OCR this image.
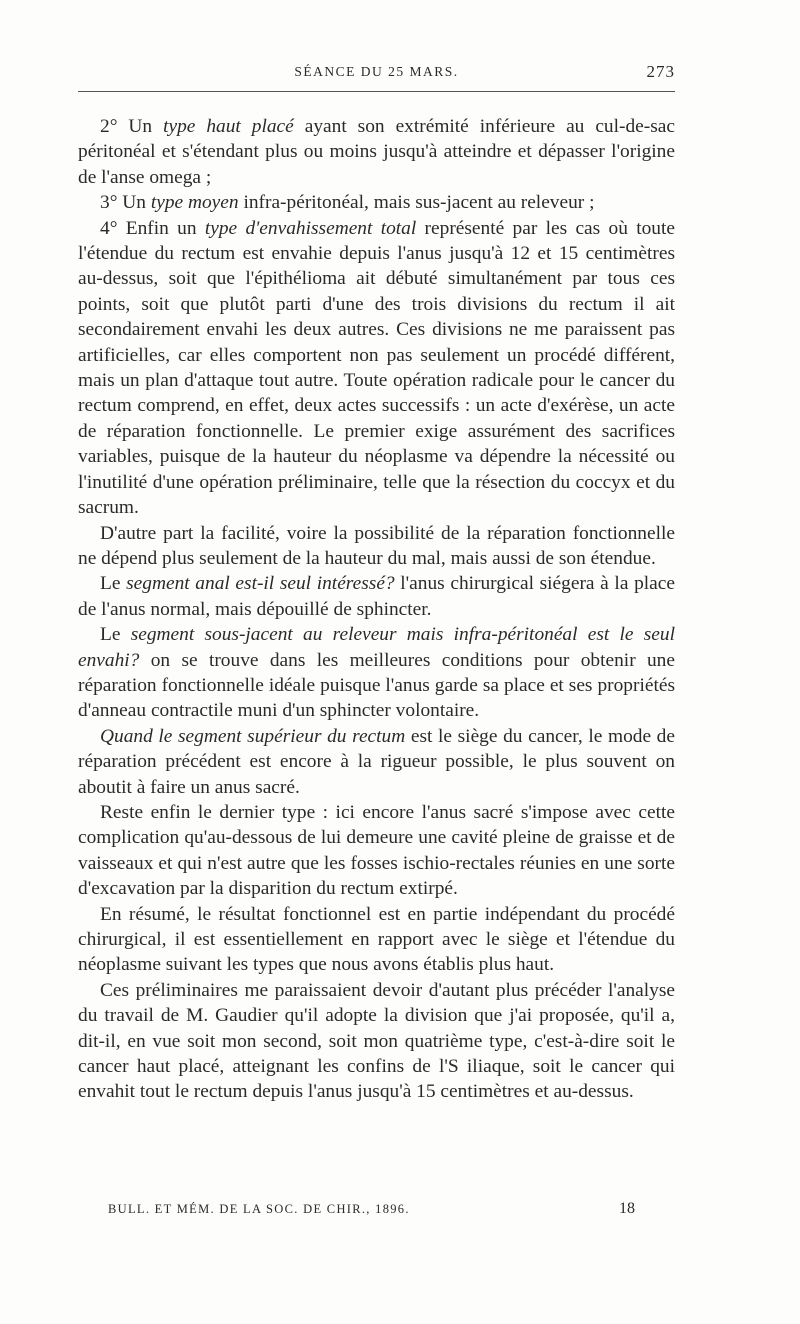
SÉANCE DU 25 MARS.	273

2° Un type haut placé ayant son extrémité inférieure au cul-de-sac péritonéal et s'étendant plus ou moins jusqu'à atteindre et dépasser l'origine de l'anse omega ;

3° Un type moyen infra-péritonéal, mais sus-jacent au releveur ;

4° Enfin un type d'envahissement total représenté par les cas où toute l'étendue du rectum est envahie depuis l'anus jusqu'à 12 et 15 centimètres au-dessus, soit que l'épithélioma ait débuté simultanément par tous ces points, soit que plutôt parti d'une des trois divisions du rectum il ait secondairement envahi les deux autres. Ces divisions ne me paraissent pas artificielles, car elles comportent non pas seulement un procédé différent, mais un plan d'attaque tout autre. Toute opération radicale pour le cancer du rectum comprend, en effet, deux actes successifs : un acte d'exérèse, un acte de réparation fonctionnelle. Le premier exige assurément des sacrifices variables, puisque de la hauteur du néoplasme va dépendre la nécessité ou l'inutilité d'une opération préliminaire, telle que la résection du coccyx et du sacrum.

D'autre part la facilité, voire la possibilité de la réparation fonctionnelle ne dépend plus seulement de la hauteur du mal, mais aussi de son étendue.

Le segment anal est-il seul intéressé? l'anus chirurgical siégera à la place de l'anus normal, mais dépouillé de sphincter.

Le segment sous-jacent au releveur mais infra-péritonéal est le seul envahi? on se trouve dans les meilleures conditions pour obtenir une réparation fonctionnelle idéale puisque l'anus garde sa place et ses propriétés d'anneau contractile muni d'un sphincter volontaire.

Quand le segment supérieur du rectum est le siège du cancer, le mode de réparation précédent est encore à la rigueur possible, le plus souvent on aboutit à faire un anus sacré.

Reste enfin le dernier type : ici encore l'anus sacré s'impose avec cette complication qu'au-dessous de lui demeure une cavité pleine de graisse et de vaisseaux et qui n'est autre que les fosses ischio-rectales réunies en une sorte d'excavation par la disparition du rectum extirpé.

En résumé, le résultat fonctionnel est en partie indépendant du procédé chirurgical, il est essentiellement en rapport avec le siège et l'étendue du néoplasme suivant les types que nous avons établis plus haut.

Ces préliminaires me paraissaient devoir d'autant plus précéder l'analyse du travail de M. Gaudier qu'il adopte la division que j'ai proposée, qu'il a, dit-il, en vue soit mon second, soit mon quatrième type, c'est-à-dire soit le cancer haut placé, atteignant les confins de l'S iliaque, soit le cancer qui envahit tout le rectum depuis l'anus jusqu'à 15 centimètres et au-dessus.

BULL. ET MÉM. DE LA SOC. DE CHIR., 1896.	18
